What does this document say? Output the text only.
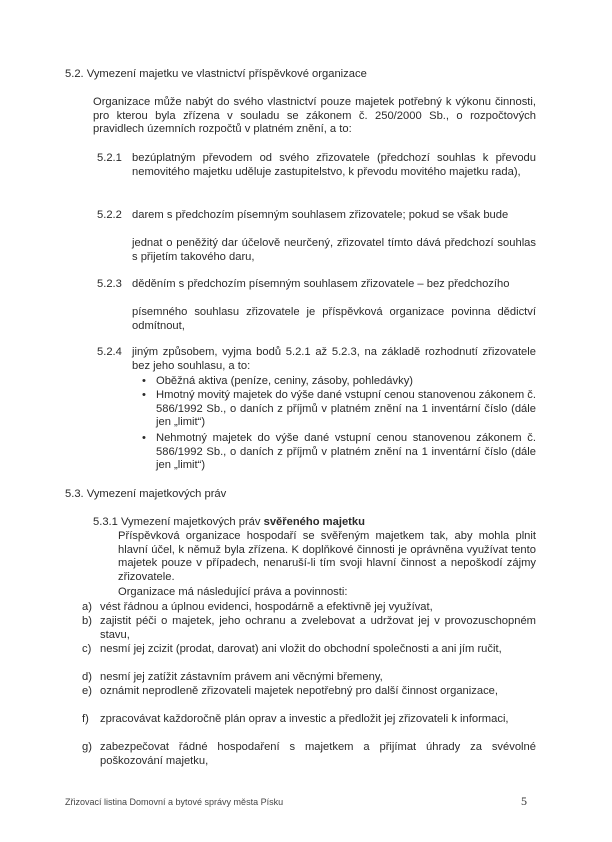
5.2. Vymezení majetku ve vlastnictví příspěvkové organizace
Organizace může nabýt do svého vlastnictví pouze majetek potřebný k výkonu činnosti, pro kterou byla zřízena v souladu se zákonem č. 250/2000 Sb., o rozpočtových pravidlech územních rozpočtů v platném znění, a to:
5.2.1 bezúplatným převodem od svého zřizovatele (předchozí souhlas k převodu nemovitého majetku uděluje zastupitelstvo, k převodu movitého majetku rada),
5.2.2 darem s předchozím písemným souhlasem zřizovatele; pokud se však bude
jednat o peněžitý dar účelově neurčený, zřizovatel tímto dává předchozí souhlas s přijetím takového daru,
5.2.3 děděním s předchozím písemným souhlasem zřizovatele – bez předchozího
písemného souhlasu zřizovatele je příspěvková organizace povinna dědictví odmítnout,
5.2.4 jiným způsobem, vyjma bodů 5.2.1 až 5.2.3, na základě rozhodnutí zřizovatele bez jeho souhlasu, a to:
• Oběžná aktiva (peníze, ceniny, zásoby, pohledávky)
• Hmotný movitý majetek do výše dané vstupní cenou stanovenou zákonem č. 586/1992 Sb., o daních z příjmů v platném znění na 1 inventární číslo (dále jen „limit“)
• Nehmotný majetek do výše dané vstupní cenou stanovenou zákonem č. 586/1992 Sb., o daních z příjmů v platném znění na 1 inventární číslo (dále jen „limit“)
5.3. Vymezení majetkových práv
5.3.1 Vymezení majetkových práv svěřeného majetku
Příspěvková organizace hospodaří se svěřeným majetkem tak, aby mohla plnit hlavní účel, k němuž byla zřízena. K doplňkové činnosti je oprávněna využívat tento majetek pouze v případech, nenaruší-li tím svoji hlavní činnost a nepoškodí zájmy zřizovatele.
Organizace má následující práva a povinnosti:
a) vést řádnou a úplnou evidenci, hospodárně a efektivně jej využívat,
b) zajistit péči o majetek, jeho ochranu a zvelebovat a udržovat jej v provozuschopném stavu,
c) nesmí jej zcizit (prodat, darovat) ani vložit do obchodní společnosti a ani jím ručit,
d) nesmí jej zatížit zástavním právem ani věcnými břemeny,
e) oznámit neprodleně zřizovateli majetek nepotřebný pro další činnost organizace,
f) zpracovávat každoročně plán oprav a investic a předložit jej zřizovateli k informaci,
g) zabezpečovat řádné hospodaření s majetkem a přijímat úhrady za svévolné poškozování majetku,
Zřizovací listina Domovní a bytové správy města Písku	5
